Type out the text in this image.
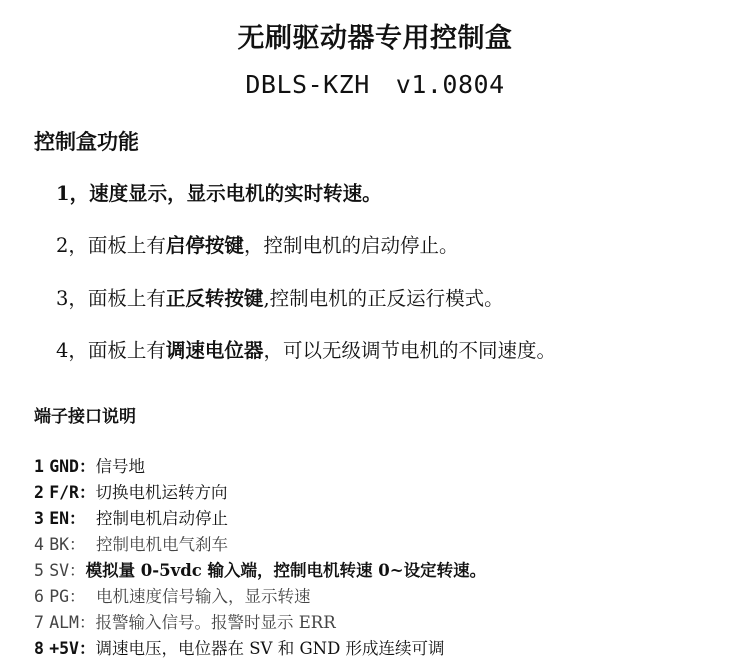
无刷驱动器专用控制盒
DBLS-KZH v1.0804
控制盒功能
1，速度显示，显示电机的实时转速。
2，面板上有启停按键，控制电机的启动停止。
3，面板上有正反转按键,控制电机的正反运行模式。
4，面板上有调速电位器，可以无级调节电机的不同速度。
端子接口说明
1 GND：信号地
2 F/R：切换电机运转方向
3 EN：  控制电机启动停止
4 BK：  控制电机电气刹车
5 SV：模拟量 0-5vdc 输入端，控制电机转速 0~设定转速。
6 PG：  电机速度信号输入，显示转速
7 ALM：报警输入信号。报警时显示 ERR
8 +5V：调速电压，电位器在 SV 和 GND 形成连续可调
